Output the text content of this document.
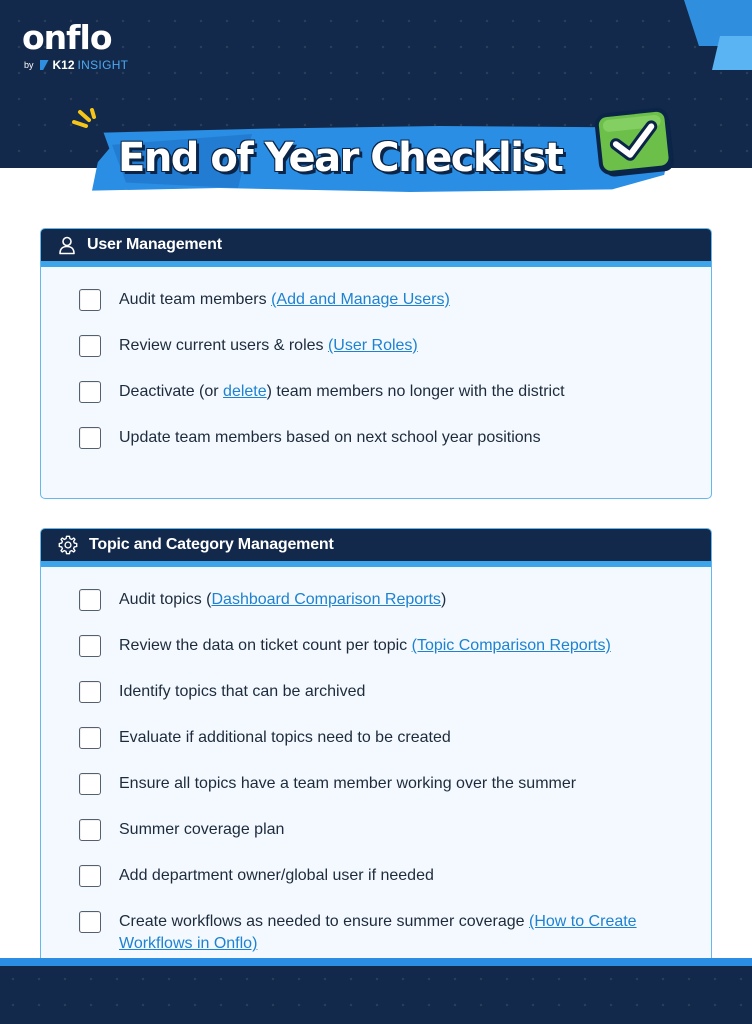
onflo
by K12 INSIGHT
End of Year Checklist
User Management
Audit team members (Add and Manage Users)
Review current users & roles (User Roles)
Deactivate (or delete) team members no longer with the district
Update team members based on next school year positions
Topic and Category Management
Audit topics (Dashboard Comparison Reports)
Review the data on ticket count per topic (Topic Comparison Reports)
Identify topics that can be archived
Evaluate if additional topics need to be created
Ensure all topics have a team member working over the summer
Summer coverage plan
Add department owner/global user if needed
Create workflows as needed to ensure summer coverage (How to Create Workflows in Onflo)
